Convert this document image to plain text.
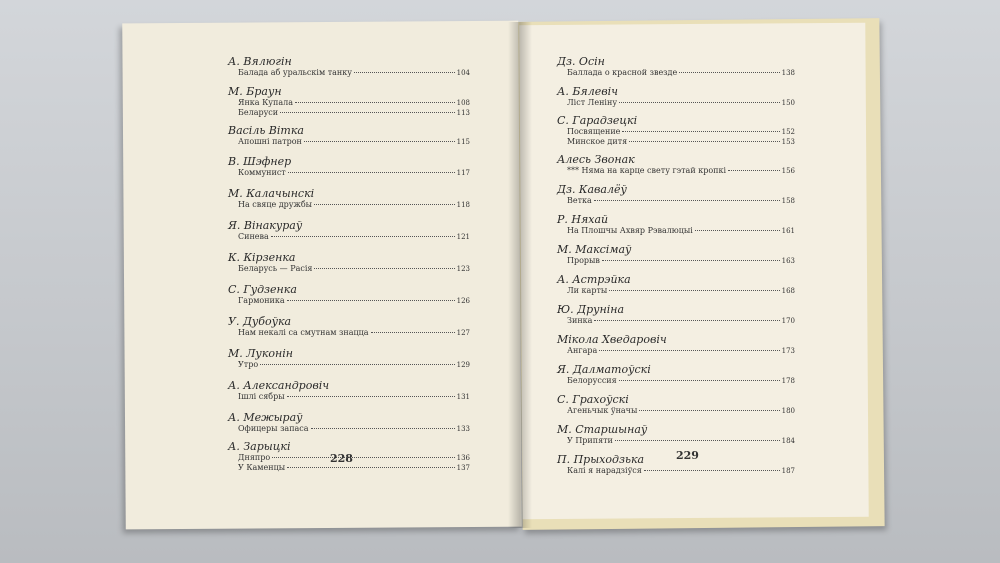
А. Вялюгін
Балада аб уральскім танку	104
М. Браун
Янка Купала	108
Беларуси	113
Васіль Вітка
Апошні патрон	115
В. Шэфнер
Коммунист	117
М. Калачынскі
На свяце дружбы	118
Я. Вінакураў
Синева	121
К. Кірзенка
Беларусь — Расія	123
С. Гудзенка
Гармоника	126
У. Дубоўка
Нам некалі са смутнам знацца	127
М. Луконін
Утро	129
А. Александровіч
Ішлі сябры	131
А. Межыраў
Офицеры запаса	133
А. Зарыцкі
Дняпро	136
У Каменцы	137
228
Дз. Осін
Баллада о красной звезде	138
А. Бялевіч
Ліст Леніну	150
С. Гарадзецкі
Посвящение	152
Минское дитя	153
Алесь Звонак
*** Няма на карце свету гэтай кропкі	156
Дз. Кавалёў
Ветка	158
Р. Няхай
На Плошчы Ахвяр Рэвалюцыі	161
М. Максімаў
Прорыв	163
А. Астрэйка
Ли карты	168
Ю. Друніна
Зинка	170
Мікола Хведаровіч
Ангара	173
Я. Далматоўскі
Белоруссия	178
С. Грахоўскі
Агеньчык ўначы	180
М. Старшынаў
У Припяти	184
П. Прыходзька
Калі я нарадзіўся	187
229
